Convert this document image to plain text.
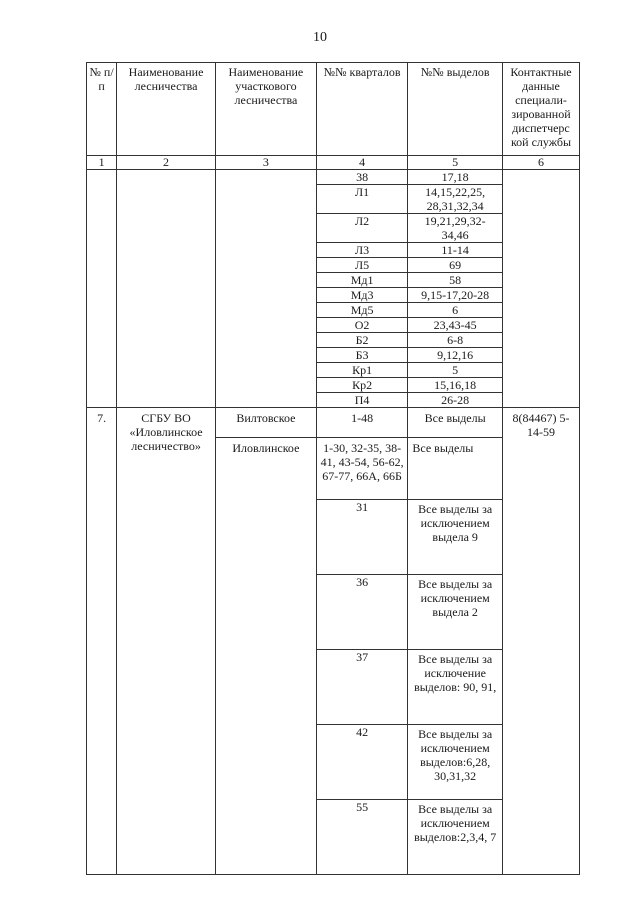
10
№ п/п	Наименование лесничества	Наименование участкового лесничества	№№ кварталов	№№ выделов	Контактные данные специали-зированной диспетчерс кой службы
1	2	3	4	5	6
			38	17,18	
			Л1	14,15,22,25, 28,31,32,34	
			Л2	19,21,29,32- 34,46	
			Л3	11-14	
			Л5	69	
			Мд1	58	
			Мд3	9,15-17,20-28	
			Мд5	6	
			О2	23,43-45	
			Б2	6-8	
			Б3	9,12,16	
			Кр1	5	
			Кр2	15,16,18	
			П4	26-28	
7.	СГБУ ВО «Иловлинское лесничество»	Вилтовское	1-48	Все выделы	8(84467) 5-14-59
		Иловлинское	1-30, 32-35, 38-41, 43-54, 56-62, 67-77, 66А, 66Б	Все выделы	
			31	Все выделы за исключением выдела 9	
			36	Все выделы за исключением выдела 2	
			37	Все выделы за исключение выделов: 90, 91,	
			42	Все выделы за исключением выделов:6,28, 30,31,32	
			55	Все выделы за исключением выделов:2,3,4, 7	
